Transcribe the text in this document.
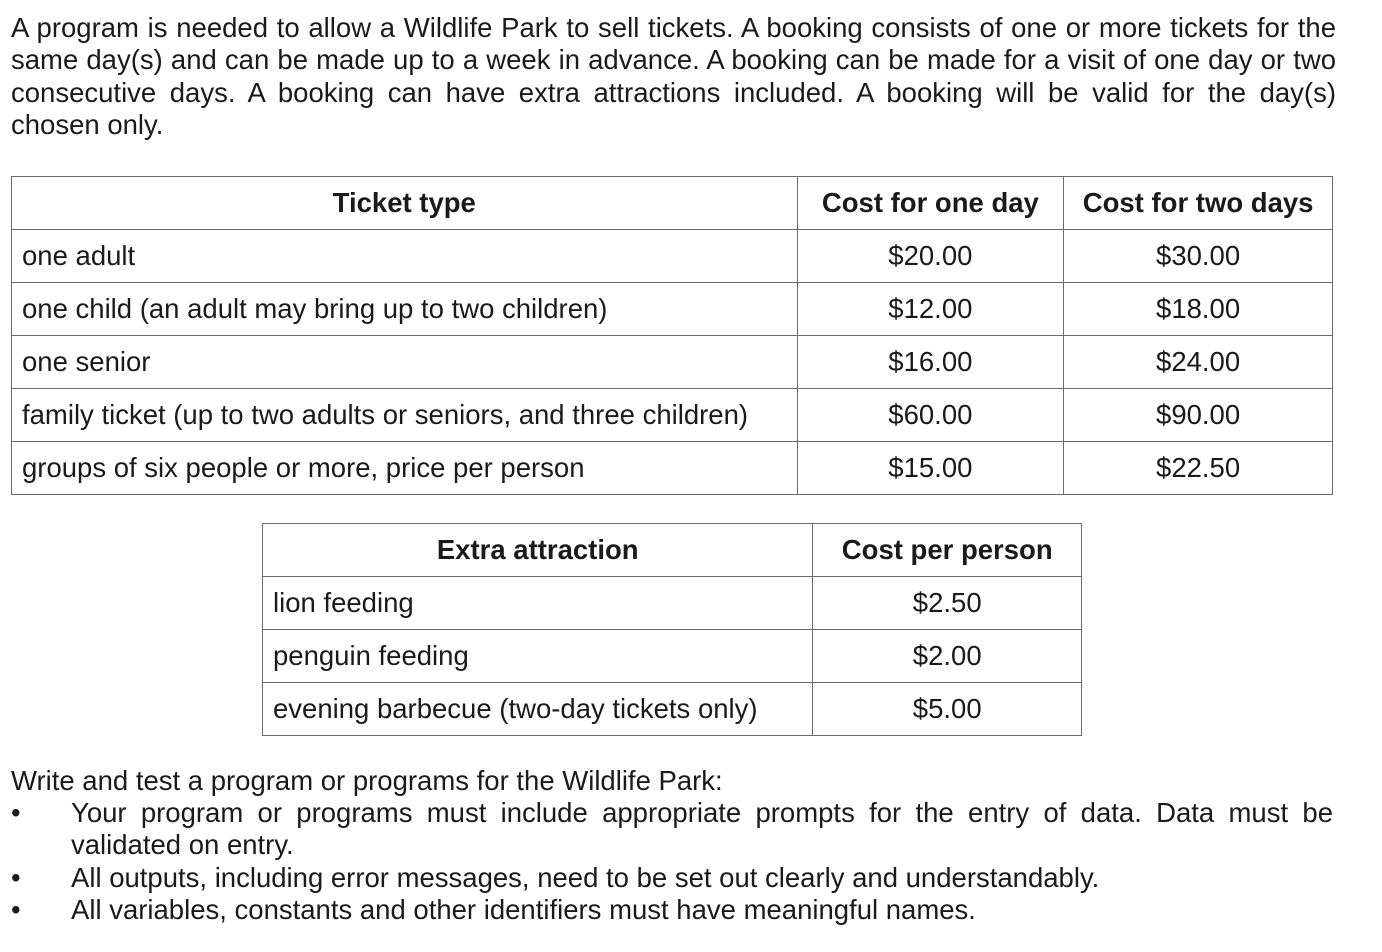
A program is needed to allow a Wildlife Park to sell tickets. A booking consists of one or more tickets for the same day(s) and can be made up to a week in advance. A booking can be made for a visit of one day or two consecutive days. A booking can have extra attractions included. A booking will be valid for the day(s) chosen only.

Ticket type	Cost for one day	Cost for two days
one adult	$20.00	$30.00
one child (an adult may bring up to two children)	$12.00	$18.00
one senior	$16.00	$24.00
family ticket (up to two adults or seniors, and three children)	$60.00	$90.00
groups of six people or more, price per person	$15.00	$22.50
Extra attraction	Cost per person
lion feeding	$2.50
penguin feeding	$2.00
evening barbecue (two-day tickets only)	$5.00

Write and test a program or programs for the Wildlife Park:

• Your program or programs must include appropriate prompts for the entry of data. Data must be validated on entry.
• All outputs, including error messages, need to be set out clearly and understandably.
• All variables, constants and other identifiers must have meaningful names.
